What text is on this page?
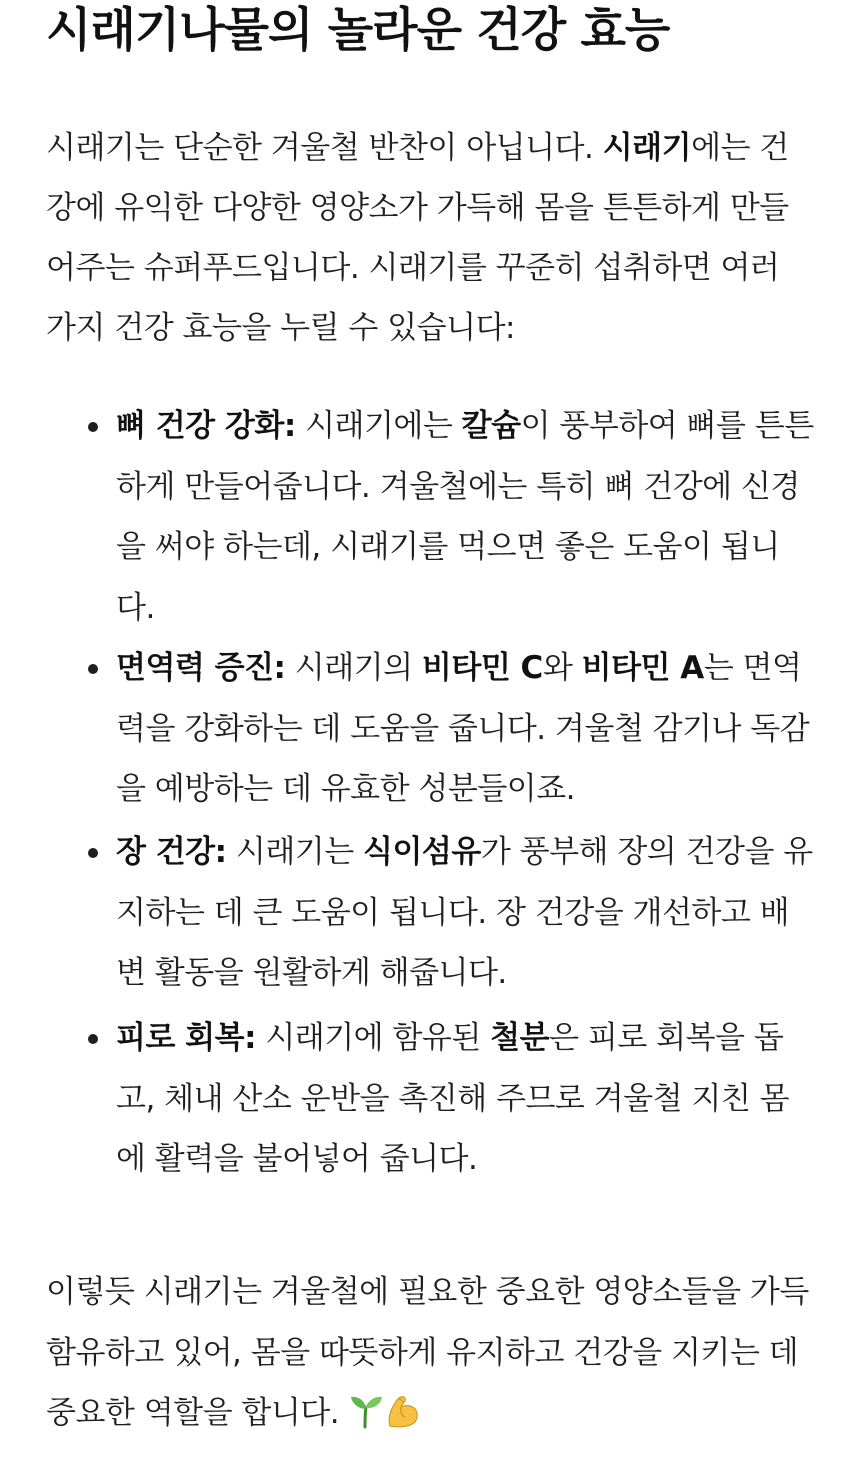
시래기나물의 놀라운 건강 효능

시래기는 단순한 겨울철 반찬이 아닙니다. 시래기에는 건강에 유익한 다양한 영양소가 가득해 몸을 튼튼하게 만들어주는 슈퍼푸드입니다. 시래기를 꾸준히 섭취하면 여러 가지 건강 효능을 누릴 수 있습니다:

뼈 건강 강화: 시래기에는 칼슘이 풍부하여 뼈를 튼튼하게 만들어줍니다. 겨울철에는 특히 뼈 건강에 신경을 써야 하는데, 시래기를 먹으면 좋은 도움이 됩니다.
면역력 증진: 시래기의 비타민 C와 비타민 A는 면역력을 강화하는 데 도움을 줍니다. 겨울철 감기나 독감을 예방하는 데 유효한 성분들이죠.
장 건강: 시래기는 식이섬유가 풍부해 장의 건강을 유지하는 데 큰 도움이 됩니다. 장 건강을 개선하고 배변 활동을 원활하게 해줍니다.
피로 회복: 시래기에 함유된 철분은 피로 회복을 돕고, 체내 산소 운반을 촉진해 주므로 겨울철 지친 몸에 활력을 불어넣어 줍니다.

이렇듯 시래기는 겨울철에 필요한 중요한 영양소들을 가득 함유하고 있어, 몸을 따뜻하게 유지하고 건강을 지키는 데 중요한 역할을 합니다.
